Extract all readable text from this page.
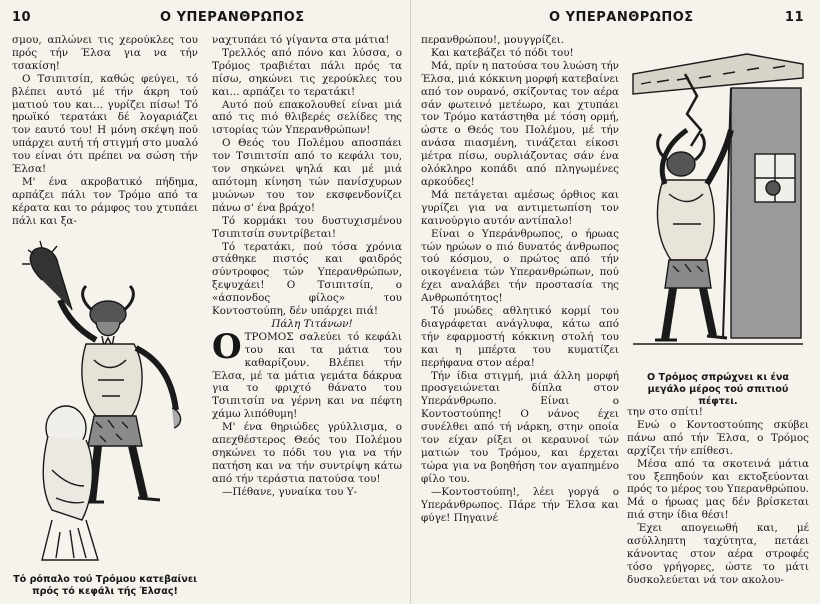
10	Ο ΥΠΕΡΑΝΘΡΩΠΟΣ

σμου, απλώνει τις χερούκλες του πρός τήν Έλσα για να τήν τσακίση!

Ο Τσιπιτσίπ, καθώς φεύγει, τό βλέπει αυτό μέ τήν άκρη τού ματιού του και... γυρίζει πίσω! Τό ηρωϊκό τερατάκι δέ λογαριάζει τον εαυτό του! Η μόνη σκέψη πού υπάρχει αυτή τή στιγμή στο μυαλό του είναι ότι πρέπει να σώση τήν Έλσα!

Μ' ένα ακροβατικό πήδημα, αρπάζει πάλι τον Τρόμο από τα κέρατα και το ράμφος του χτυπάει πάλι και ξα-

Τό ρόπαλο τού Τρόμου κατεβαίνει πρός τό κεφάλι τής Έλσας!

ναχτυπάει τό γίγαντα στα μάτια!

Τρελλός από πόνο και λύσσα, ο Τρόμος τραβιέται πάλι πρός τα πίσω, σηκώνει τις χερούκλες του και... αρπάζει το τερατάκι!

Αυτό πού επακολουθεί είναι μιά από τις πιό θλιβερές σελίδες της ιστορίας τών Υπερανθρώπων!

Ο Θεός του Πολέμου αποσπάει τον Τσιπιτσίπ από το κεφάλι του, τον σηκώνει ψηλά και μέ μιά απότομη κίνηση τών πανίσχυρων μυώνων του τον εκσφενδονίζει πάνω σ' ένα βράχο!

Τό κορμάκι του δυστυχισμένου Τσιπιτσίπ συντρίβεται!

Τό τερατάκι, πού τόσα χρόνια στάθηκε πιστός και φαιδρός σύντροφος τών Υπερανθρώπων, ξεψυχάει! Ο Τσιπιτσίπ, ο «άσπονδος φίλος» του Κοντοστούπη, δέν υπάρχει πιά!

Πάλη Τιτάνων!

ΟΤΡΟΜΟΣ σαλεύει τό κεφάλι του και τα μάτια του καθαρίζουν. Βλέπει τήν Έλσα, μέ τα μάτια γεμάτα δάκρυα για το φριχτό θάνατο του Τσιπιτσίπ να γέρνη και να πέφτη χάμω λιπόθυμη!

Μ' ένα θηριώδες γρύλλισμα, ο απεχθέστερος Θεός του Πολέμου σηκώνει το πόδι του για να τήν πατήση και να τήν συντρίψη κάτω από τήν τεράστια πατούσα του!

—Πέθανε, γυναίκα του Υ-

Ο ΥΠΕΡΑΝΘΡΩΠΟΣ	11

περανθρώπου!, μουγγρίζει.

Και κατεβάζει τό πόδι του!

Μά, πρίν η πατούσα του λυώση τήν Έλσα, μιά κόκκινη μορφή κατεβαίνει από τον ουρανό, σκίζοντας τον αέρα σάν φωτεινό μετέωρο, και χτυπάει τον Τρόμο κατάστηθα μέ τόση ορμή, ώστε ο Θεός του Πολέμου, μέ τήν ανάσα πιασμένη, τινάζεται είκοσι μέτρα πίσω, ουρλιάζοντας σάν ένα ολόκληρο κοπάδι από πληγωμένες αρκούδες!

Μά πετάγεται αμέσως όρθιος και γυρίζει για να αντιμετωπίση τον καινούργιο αυτόν αντίπαλο!

Είναι ο Υπεράνθρωπος, ο ήρωας τών ηρώων ο πιό δυνατός άνθρωπος τού κόσμου, ο πρώτος από τήν οικογένεια τών Υπερανθρώπων, πού έχει αναλάβει τήν προστασία της Ανθρωπότητος!

Τό μυώδες αθλητικό κορμί του διαγράφεται ανάγλυφα, κάτω από τήν εφαρμοστή κόκκινη στολή του και η μπέρτα του κυματίζει περήφανα στον αέρα!

Τήν ίδια στιγμή, μιά άλλη μορφή προσγειώνεται δίπλα στον Υπεράνθρωπο. Είναι ο Κοντοστούπης! Ο νάνος έχει συνέλθει από τή νάρκη, στην οποία τον είχαν ρίξει οι κεραυνοί τών ματιών του Τρόμου, και έρχεται τώρα για να βοηθήση τον αγαπημένο φίλο του.

—Κοντοστούπη!, λέει γοργά ο Υπεράνθρωπος. Πάρε τήν Έλσα και φύγε! Πηγαινέ

Ο Τρόμος σπρώχνει κι ένα μεγάλο μέρος τού σπιτιού πέφτει.

την στο σπίτι!

Ενώ ο Κοντοστούπης σκύβει πάνω από τήν Έλσα, ο Τρόμος αρχίζει τήν επίθεσι.

Μέσα από τα σκοτεινά μάτια του ξεπηδούν και εκτοξεύονται πρός το μέρος του Υπερανθρώπου. Μά ο ήρωας μας δέν βρίσκεται πιά στην ίδια θέσι!

Έχει απογειωθή και, μέ ασύλληπτη ταχύτητα, πετάει κάνοντας στον αέρα στροφές τόσο γρήγορες, ώστε το μάτι δυσκολεύεται νά τον ακολου-
